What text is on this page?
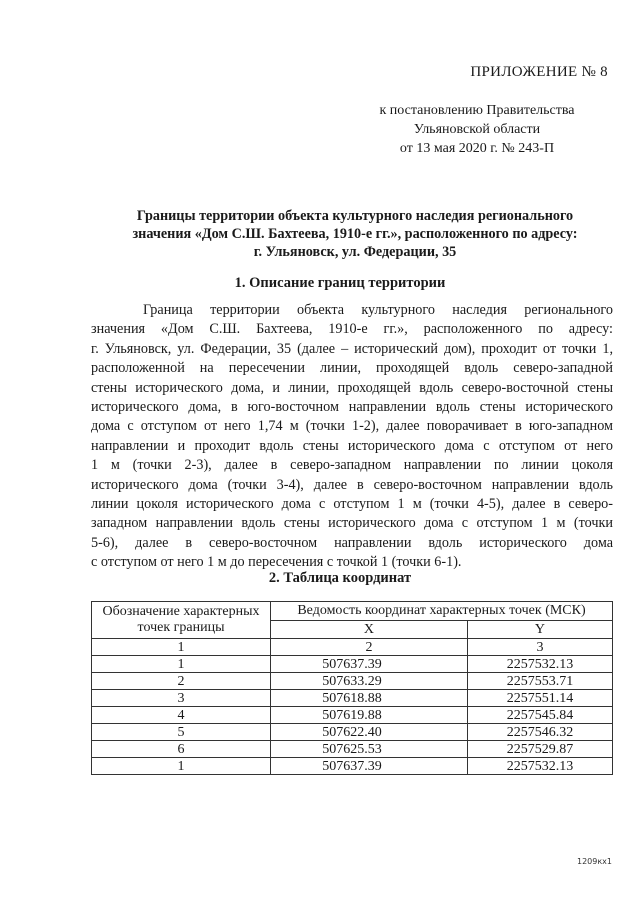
ПРИЛОЖЕНИЕ № 8
к постановлению Правительства
Ульяновской области
от 13 мая 2020 г. № 243-П
Границы территории объекта культурного наследия регионального
значения «Дом С.Ш. Бахтеева, 1910-е гг.», расположенного по адресу:
г. Ульяновск, ул. Федерации, 35
1. Описание границ территории
Граница территории объекта культурного наследия регионального
значения «Дом С.Ш. Бахтеева, 1910-е гг.», расположенного по адресу:
г. Ульяновск, ул. Федерации, 35 (далее – исторический дом), проходит от точки 1,
расположенной на пересечении линии, проходящей вдоль северо-западной
стены исторического дома, и линии, проходящей вдоль северо-восточной стены
исторического дома, в юго-восточном направлении вдоль стены исторического
дома с отступом от него 1,74 м (точки 1-2), далее поворачивает в юго-западном
направлении и проходит вдоль стены исторического дома с отступом от него
1 м (точки 2-3), далее в северо-западном направлении по линии цоколя
исторического дома (точки 3-4), далее в северо-восточном направлении вдоль
линии цоколя исторического дома с отступом 1 м (точки 4-5), далее в северо-
западном направлении вдоль стены исторического дома с отступом 1 м (точки
5-6), далее в северо-восточном направлении вдоль исторического дома
с отступом от него 1 м до пересечения с точкой 1 (точки 6-1).
2. Таблица координат
Обозначение характерных точек границы	Ведомость координат характерных точек (МСК)	
	X	Y
1	2	3
1	507637.39	2257532.13
2	507633.29	2257553.71
3	507618.88	2257551.14
4	507619.88	2257545.84
5	507622.40	2257546.32
6	507625.53	2257529.87
1	507637.39	2257532.13
1209кх1
